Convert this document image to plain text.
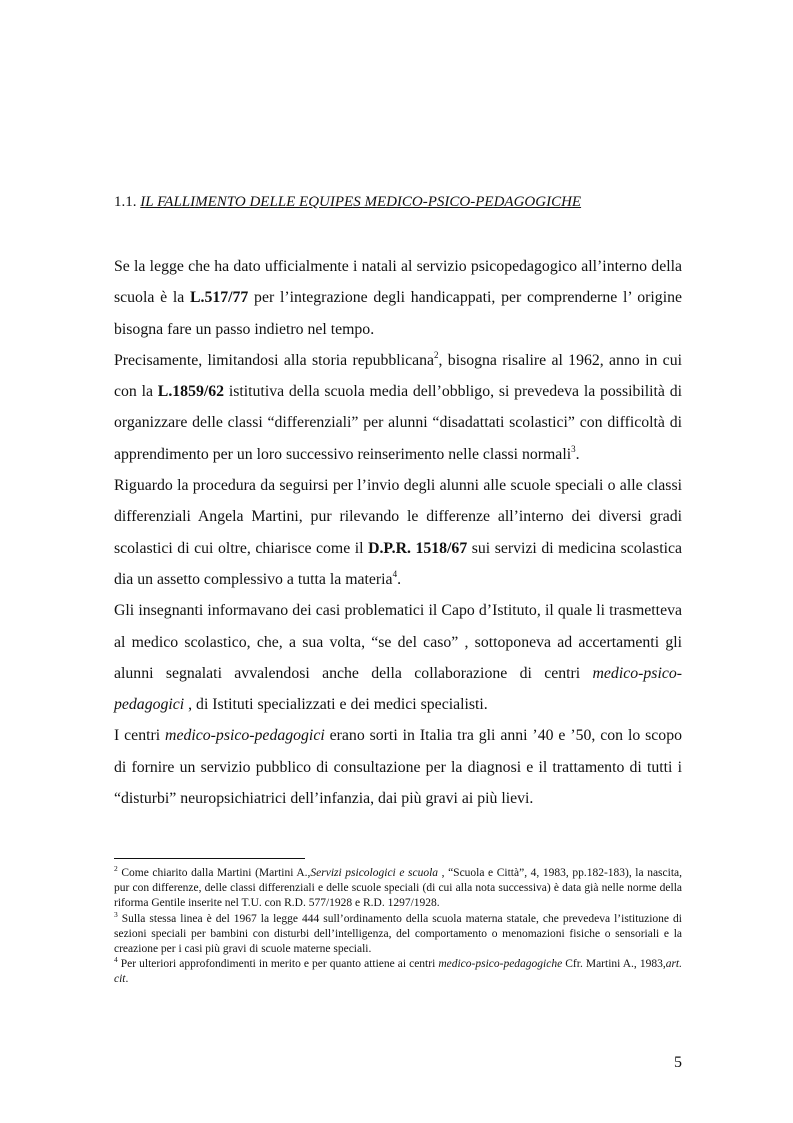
1.1. IL FALLIMENTO DELLE EQUIPES MEDICO-PSICO-PEDAGOGICHE

Se la legge che ha dato ufficialmente i natali al servizio psicopedagogico all’interno della scuola è la L.517/77 per l’integrazione degli handicappati, per comprenderne l’ origine bisogna fare un passo indietro nel tempo.

Precisamente, limitandosi alla storia repubblicana$^2$, bisogna risalire al 1962, anno in cui con la L.1859/62 istitutiva della scuola media dell’obbligo, si prevedeva la possibilità di organizzare delle classi “differenziali” per alunni “disadattati scolastici” con difficoltà di apprendimento per un loro successivo reinserimento nelle classi normali$^3$.

Riguardo la procedura da seguirsi per l’invio degli alunni alle scuole speciali o alle classi differenziali Angela Martini, pur rilevando le differenze all’interno dei diversi gradi scolastici di cui oltre, chiarisce come il D.P.R. 1518/67 sui servizi di medicina scolastica dia un assetto complessivo a tutta la materia$^4$.

Gli insegnanti informavano dei casi problematici il Capo d’Istituto, il quale li trasmetteva al medico scolastico, che, a sua volta, “se del caso” , sottoponeva ad accertamenti gli alunni segnalati avvalendosi anche della collaborazione di centri medico-psico-pedagogici , di Istituti specializzati e dei medici specialisti.

I centri medico-psico-pedagogici erano sorti in Italia tra gli anni ’40 e ’50, con lo scopo di fornire un servizio pubblico di consultazione per la diagnosi e il trattamento di tutti i “disturbi” neuropsichiatrici dell’infanzia, dai più gravi ai più lievi.

$^2$ Come chiarito dalla Martini (Martini A.,Servizi psicologici e scuola , “Scuola e Città”, 4, 1983, pp.182-183), la nascita, pur con differenze, delle classi differenziali e delle scuole speciali (di cui alla nota successiva) è data già nelle norme della riforma Gentile inserite nel T.U. con R.D. 577/1928 e R.D. 1297/1928.

$^3$ Sulla stessa linea è del 1967 la legge 444 sull’ordinamento della scuola materna statale, che prevedeva l’istituzione di sezioni speciali per bambini con disturbi dell’intelligenza, del comportamento o menomazioni fisiche o sensoriali e la creazione per i casi più gravi di scuole materne speciali.

$^4$ Per ulteriori approfondimenti in merito e per quanto attiene ai centri medico-psico-pedagogiche Cfr. Martini A., 1983,art. cit.

5
